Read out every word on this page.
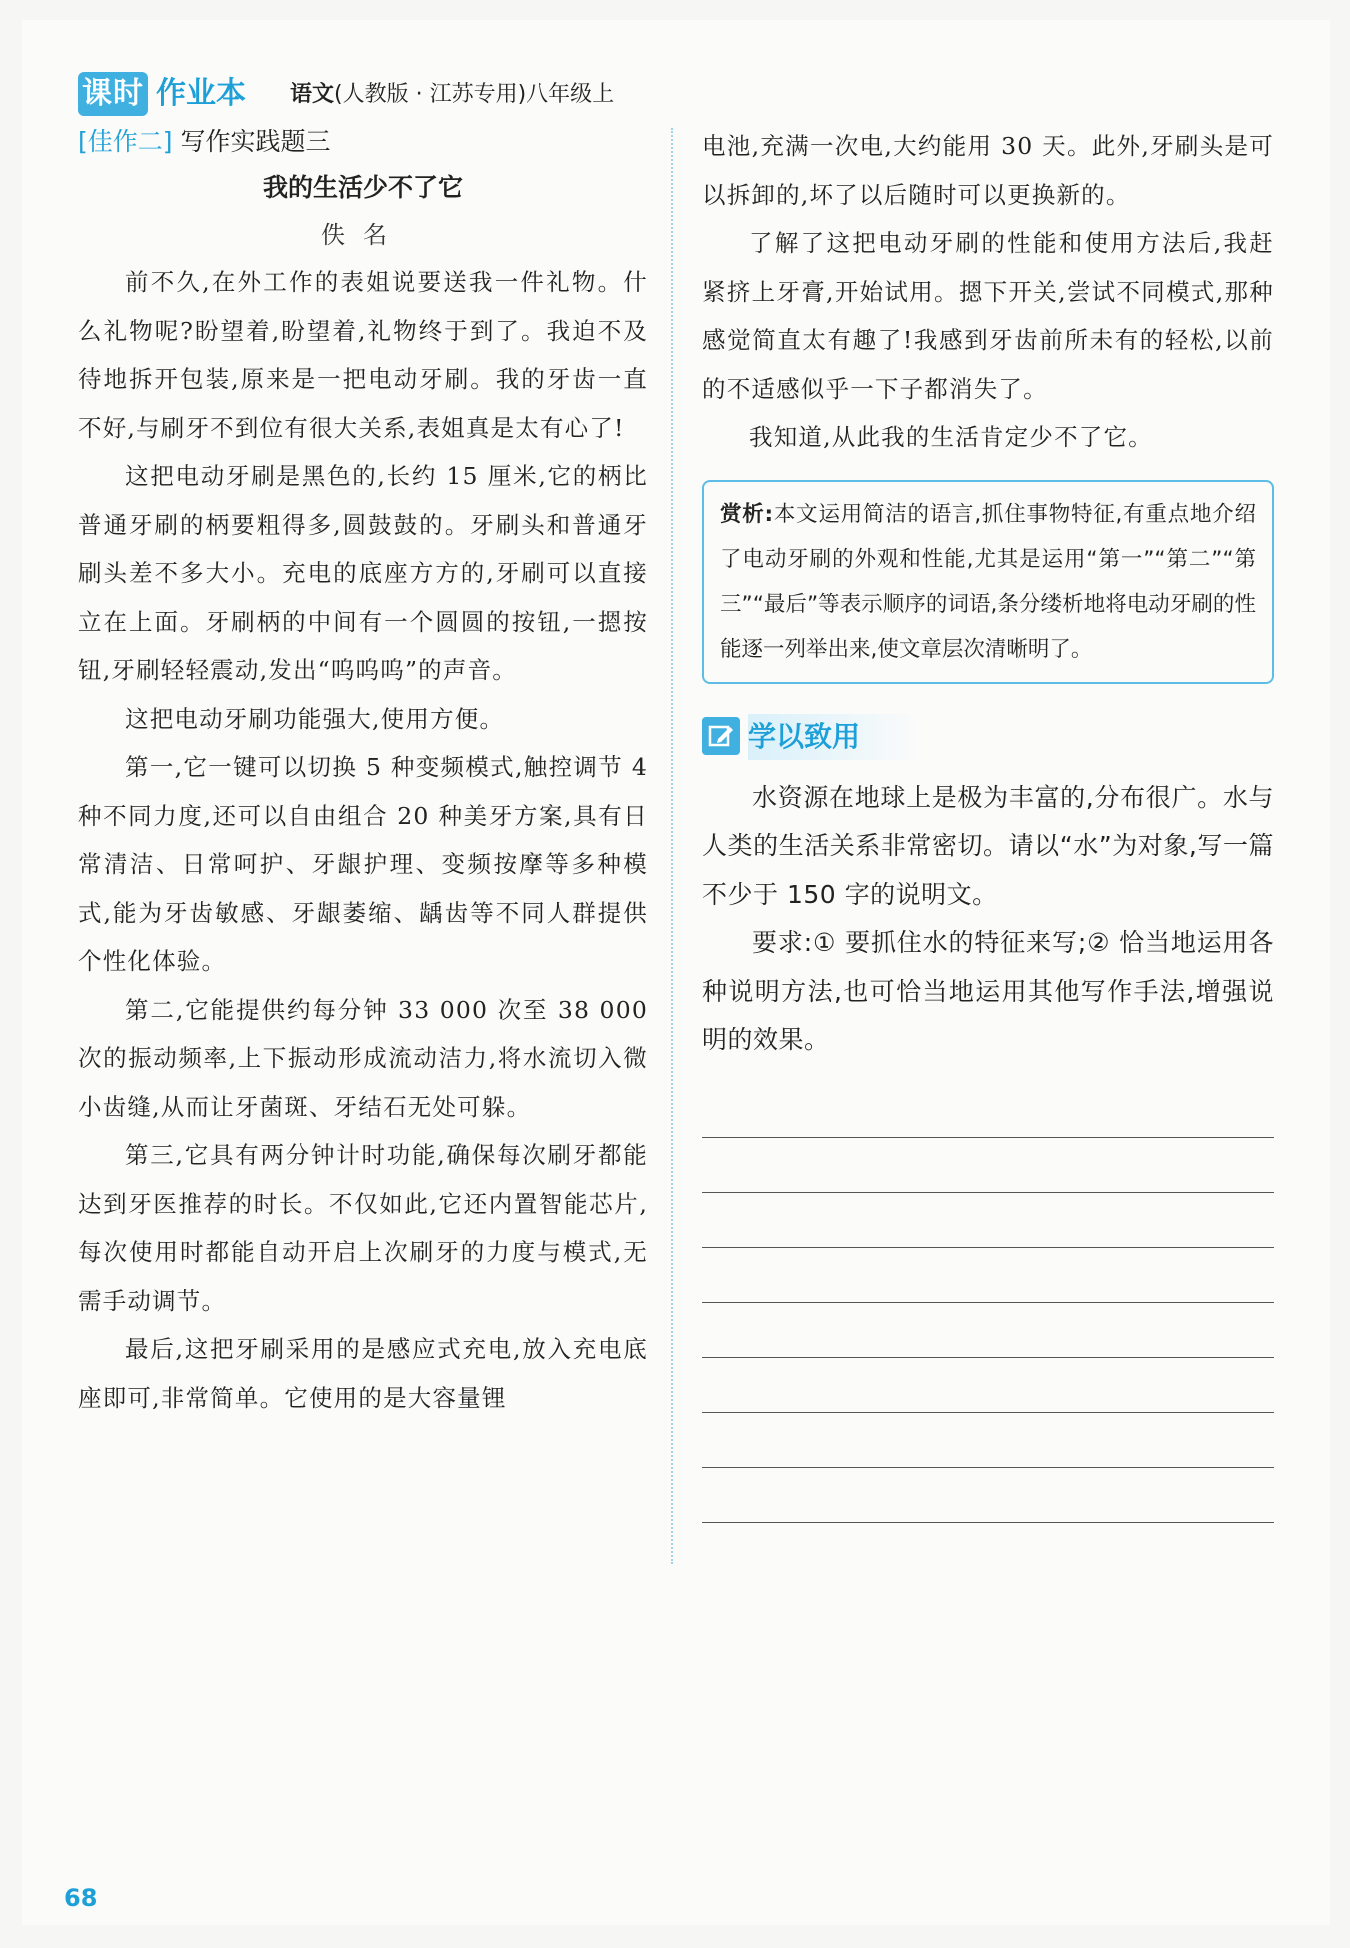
课时 作业本 语文(人教版 · 江苏专用)八年级上
[佳作二] 写作实践题三
我的生活少不了它
佚名

前不久,在外工作的表姐说要送我一件礼物。什么礼物呢?盼望着,盼望着,礼物终于到了。我迫不及待地拆开包装,原来是一把电动牙刷。我的牙齿一直不好,与刷牙不到位有很大关系,表姐真是太有心了!

这把电动牙刷是黑色的,长约 15 厘米,它的柄比普通牙刷的柄要粗得多,圆鼓鼓的。牙刷头和普通牙刷头差不多大小。充电的底座方方的,牙刷可以直接立在上面。牙刷柄的中间有一个圆圆的按钮,一摁按钮,牙刷轻轻震动,发出“呜呜呜”的声音。

这把电动牙刷功能强大,使用方便。

第一,它一键可以切换 5 种变频模式,触控调节 4 种不同力度,还可以自由组合 20 种美牙方案,具有日常清洁、日常呵护、牙龈护理、变频按摩等多种模式,能为牙齿敏感、牙龈萎缩、龋齿等不同人群提供个性化体验。

第二,它能提供约每分钟 33 000 次至 38 000 次的振动频率,上下振动形成流动洁力,将水流切入微小齿缝,从而让牙菌斑、牙结石无处可躲。

第三,它具有两分钟计时功能,确保每次刷牙都能达到牙医推荐的时长。不仅如此,它还内置智能芯片,每次使用时都能自动开启上次刷牙的力度与模式,无需手动调节。

最后,这把牙刷采用的是感应式充电,放入充电底座即可,非常简单。它使用的是大容量锂

电池,充满一次电,大约能用 30 天。此外,牙刷头是可以拆卸的,坏了以后随时可以更换新的。

了解了这把电动牙刷的性能和使用方法后,我赶紧挤上牙膏,开始试用。摁下开关,尝试不同模式,那种感觉简直太有趣了!我感到牙齿前所未有的轻松,以前的不适感似乎一下子都消失了。

我知道,从此我的生活肯定少不了它。

赏析:本文运用简洁的语言,抓住事物特征,有重点地介绍了电动牙刷的外观和性能,尤其是运用“第一”“第二”“第三”“最后”等表示顺序的词语,条分缕析地将电动牙刷的性能逐一列举出来,使文章层次清晰明了。
学以致用

水资源在地球上是极为丰富的,分布很广。水与人类的生活关系非常密切。请以“水”为对象,写一篇不少于 150 字的说明文。

要求:① 要抓住水的特征来写;② 恰当地运用各种说明方法,也可恰当地运用其他写作手法,增强说明的效果。

68
